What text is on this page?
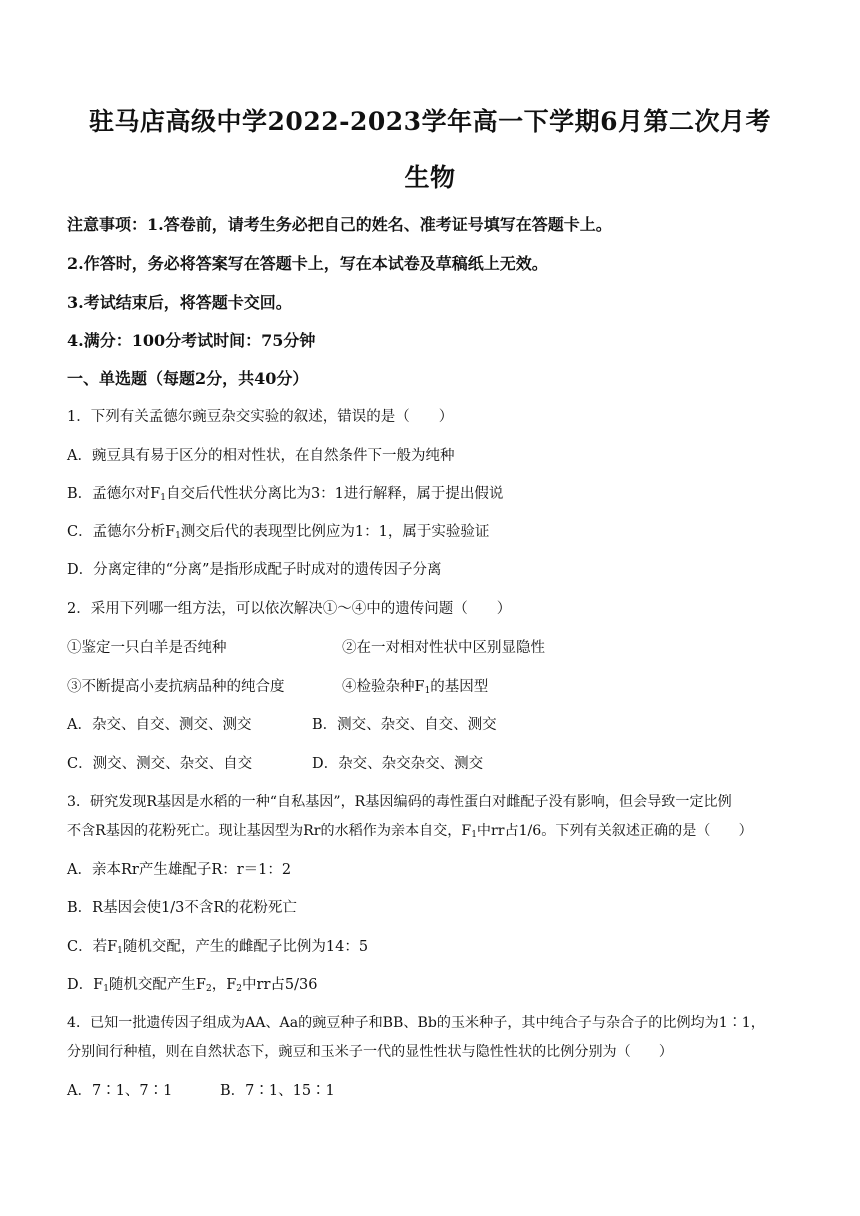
驻马店高级中学2022-2023学年高一下学期6月第二次月考
生物
注意事项：1.答卷前，请考生务必把自己的姓名、准考证号填写在答题卡上。
2.作答时，务必将答案写在答题卡上，写在本试卷及草稿纸上无效。
3.考试结束后，将答题卡交回。
4.满分：100分考试时间：75分钟
一、单选题（每题2分，共40分）
1．下列有关孟德尔豌豆杂交实验的叙述，错误的是（　　）
A．豌豆具有易于区分的相对性状，在自然条件下一般为纯种
B．孟德尔对$F_1$自交后代性状分离比为3：1进行解释，属于提出假说
C．孟德尔分析$F_1$测交后代的表现型比例应为1：1，属于实验验证
D．分离定律的“分离”是指形成配子时成对的遗传因子分离
2．采用下列哪一组方法，可以依次解决①～④中的遗传问题（　　）
①鉴定一只白羊是否纯种	②在一对相对性状中区别显隐性
③不断提高小麦抗病品种的纯合度	④检验杂种$F_1$的基因型
A．杂交、自交、测交、测交	B．测交、杂交、自交、测交
C．测交、测交、杂交、自交	D．杂交、杂交杂交、测交
3．研究发现R基因是水稻的一种“自私基因”，R基因编码的毒性蛋白对雌配子没有影响，但会导致一定比例
不含R基因的花粉死亡。现让基因型为Rr的水稻作为亲本自交，$F_1$中rr占1/6。下列有关叙述正确的是（　　）
A．亲本Rr产生雄配子R：r＝1：2
B．R基因会使1/3不含R的花粉死亡
C．若$F_1$随机交配，产生的雌配子比例为14：5
D．$F_1$随机交配产生$F_2$，$F_2$中rr占5/36
4．已知一批遗传因子组成为AA、Aa的豌豆种子和BB、Bb的玉米种子，其中纯合子与杂合子的比例均为1∶1，
分别间行种植，则在自然状态下，豌豆和玉米子一代的显性性状与隐性性状的比例分别为（　　）
A．7∶1、7∶1	B．7∶1、15∶1
